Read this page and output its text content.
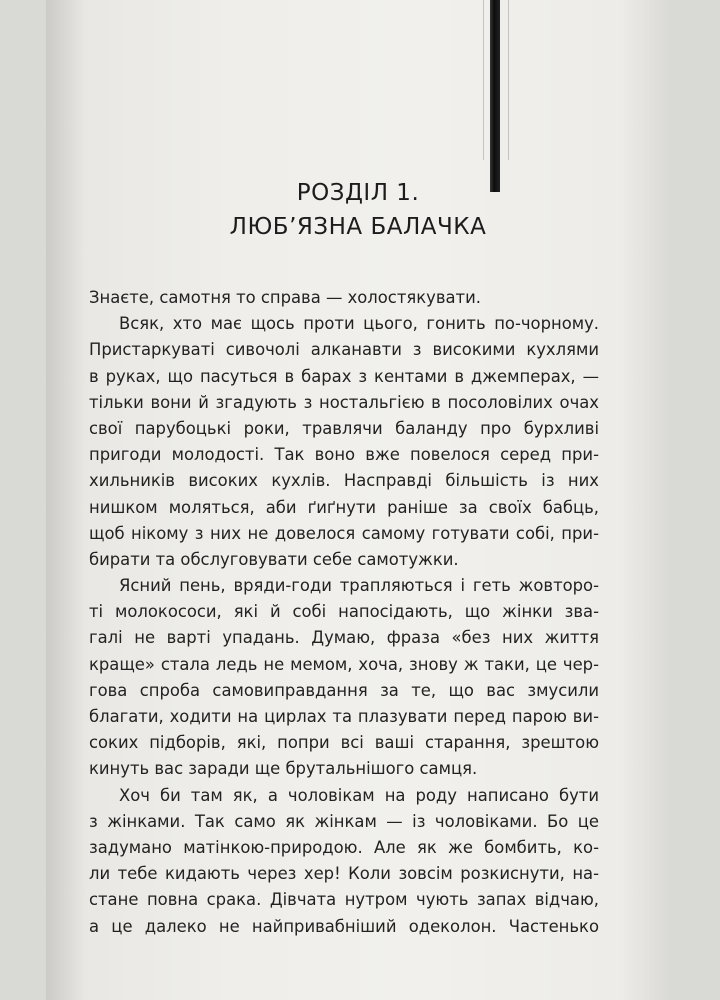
РОЗДІЛ 1.
ЛЮБ’ЯЗНА БАЛАЧКА
Знаєте, самотня то справа — холостякувати.
Всяк, хто має щось проти цього, гонить по-чорному.
Пристаркуваті сивочолі алканавти з високими кухлями
в руках, що пасуться в барах з кентами в джемперах, —
тільки вони й згадують з ностальгією в посоловілих очах
свої парубоцькі роки, травлячи баланду про бурхливі
пригоди молодості. Так воно вже повелося серед при-
хильників високих кухлів. Насправді більшість із них
нишком моляться, аби ґиґнути раніше за своїх бабць,
щоб нікому з них не довелося самому готувати собі, при-
бирати та обслуговувати себе самотужки.
Ясний пень, вряди-годи трапляються і геть жовторо-
ті молокососи, які й собі напосідають, що жінки зва-
галі не варті упадань. Думаю, фраза «без них життя
краще» стала ледь не мемом, хоча, знову ж таки, це чер-
гова спроба самовиправдання за те, що вас змусили
благати, ходити на цирлах та плазувати перед парою ви-
соких підборів, які, попри всі ваші старання, зрештою
кинуть вас заради ще брутальнішого самця.
Хоч би там як, а чоловікам на роду написано бути
з жінками. Так само як жінкам — із чоловіками. Бо це
задумано матінкою-природою. Але як же бомбить, ко-
ли тебе кидають через хер! Коли зовсім розкиснути, на-
стане повна срака. Дівчата нутром чують запах відчаю,
а це далеко не найпривабніший одеколон. Частенько
